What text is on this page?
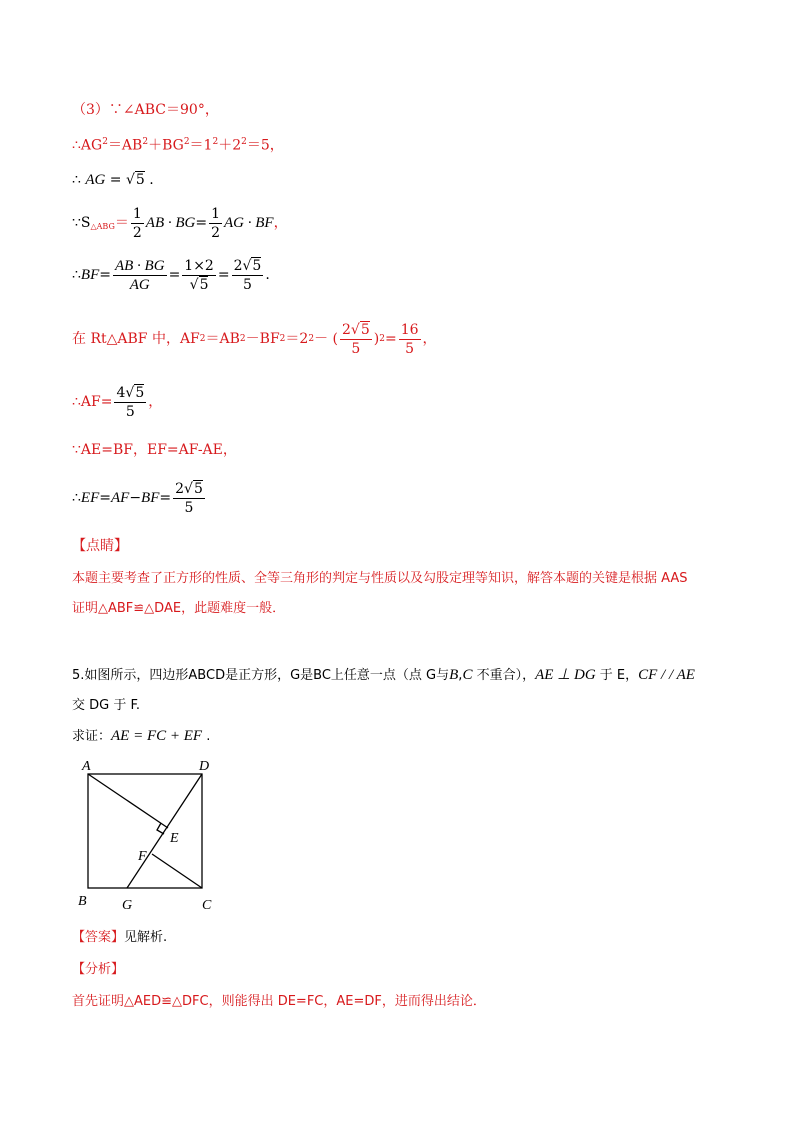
（3）∵∠ABC＝90°，
$\therefore AG^2=AB^2+BG^2=1^2+2^2=5$，
∴ AG = √5 .
∵S △ABG ＝ $\frac{1}{2}$ AB · BG = $\frac{1}{2}$ AG · BF ，
∴ BF = $\frac{AB \cdot BG}{AG} = \frac{1\times 2}{√5} = \frac{2√5}{5}$ .
在 Rt△ABF 中，AF 2 ＝AB 2 －BF 2 ＝2 2 － ( $\frac{2√5}{5}$ ) $2 = \frac{16}{5}$ ，
∴AF= $\frac{4√5}{5}$ ，
∵AE=BF，EF=AF-AE，
∴ EF = AF − BF = $\frac{2√5}{5}$
【点睛】
本题主要考查了正方形的性质、全等三角形的判定与性质以及勾股定理等知识，解答本题的关键是根据 AAS
证明△ABF≌△DAE，此题难度一般．
5.如图所示，四边形ABCD是正方形，G是BC上任意一点（点 G与B,C 不重合），AE ⊥ DG 于 E，CF / / AE
交 DG 于 F.
求证：AE = FC + EF .
A	D
B	G	C
E
F
【答案】见解析.
【分析】
首先证明△AED≌△DFC，则能得出 DE=FC，AE=DF，进而得出结论．
